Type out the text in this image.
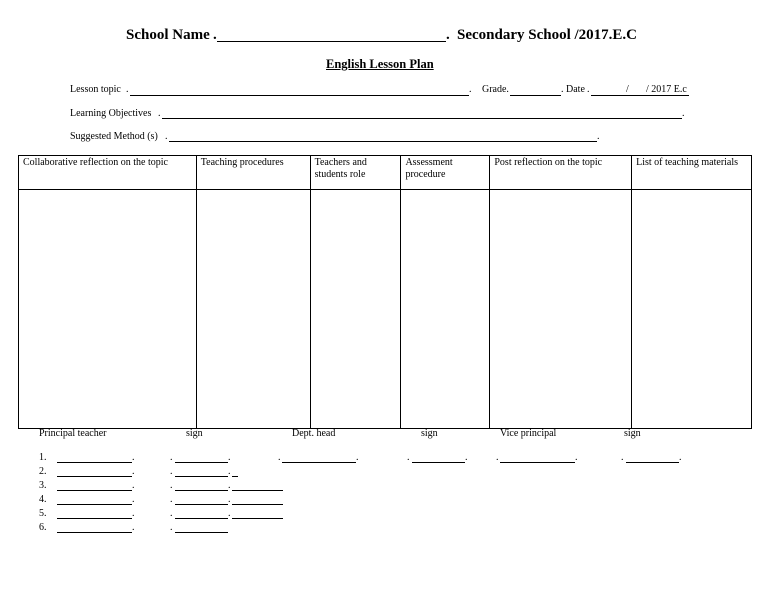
School Name .	. Secondary School /2017.E.C
English Lesson Plan
Lesson topic .	. Grade.	. Date .	/ / 2017 E.c
Learning Objectives .	.
Suggested Method (s) .	.
Collaborative reflection on the topic	Teaching procedures	Teachers and students role	Assessment procedure	Post reflection on the topic	List of teaching materials

Principal teacher	sign	Dept. head	sign	Vice principal	sign
1.
2.
3.
4.
5.
6.
.	.	.	.	.	.	.	.	.	.	.
.	.	.
.	.	.
.	.	.
.	.	.
.	.
